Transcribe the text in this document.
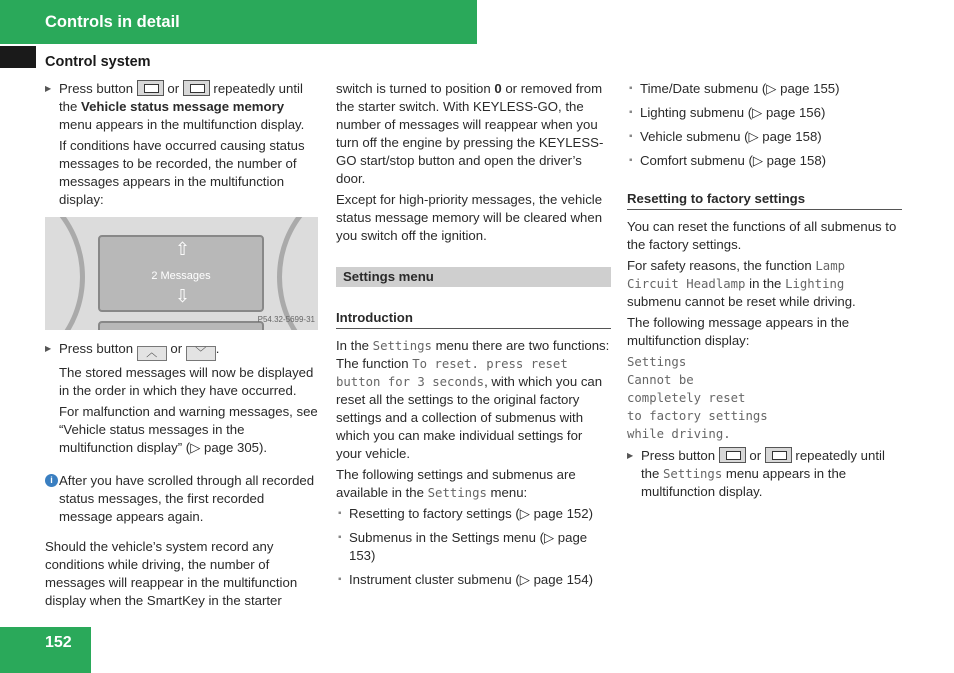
Controls in detail
Control system

▶ Press button  or  repeatedly until the Vehicle status message memory menu appears in the multifunction display.

If conditions have occurred causing status messages to be recorded, the number of messages appears in the multifunction display:

⇧
2 Messages
⇩
P54.32-5699-31

▶ Press button ︿ or ﹀ .

The stored messages will now be displayed in the order in which they have occurred.

For malfunction and warning messages, see “Vehicle status messages in the multifunction display” (▷ page 305).

i After you have scrolled through all recorded status messages, the first recorded message appears again.

Should the vehicle’s system record any conditions while driving, the number of messages will reappear in the multifunction display when the SmartKey in the starter

switch is turned to position 0 or removed from the starter switch. With KEYLESS-GO, the number of messages will reappear when you turn off the engine by pressing the KEYLESS-GO start/stop button and open the driver’s door.

Except for high-priority messages, the vehicle status message memory will be cleared when you switch off the ignition.

Settings menu
Introduction

In the Settings menu there are two functions: The function To reset. press reset button for 3 seconds, with which you can reset all the settings to the original factory settings and a collection of submenus with which you can make individual settings for your vehicle.

The following settings and submenus are available in the Settings menu:

▪ Resetting to factory settings (▷ page 152)
▪ Submenus in the Settings menu (▷ page 153)
▪ Instrument cluster submenu (▷ page 154)
▪ Time/Date submenu (▷ page 155)
▪ Lighting submenu (▷ page 156)
▪ Vehicle submenu (▷ page 158)
▪ Comfort submenu (▷ page 158)
Resetting to factory settings

You can reset the functions of all submenus to the factory settings.

For safety reasons, the function Lamp Circuit Headlamp in the Lighting submenu cannot be reset while driving.

The following message appears in the multifunction display:

Settings
Cannot be
completely reset
to factory settings
while driving.

▶ Press button  or  repeatedly until the Settings menu appears in the multifunction display.

152
